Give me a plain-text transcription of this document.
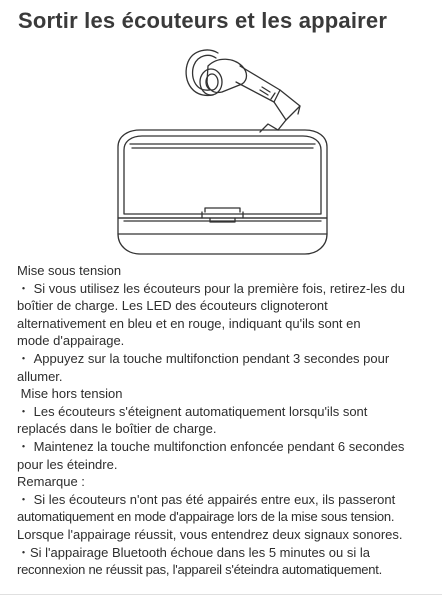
Sortir les écouteurs et les appairer

Mise sous tension

・ Si vous utilisez les écouteurs pour la première fois, retirez-les du

boîtier de charge. Les LED des écouteurs clignoteront

alternativement en bleu et en rouge, indiquant qu'ils sont en

mode d'appairage.

・ Appuyez sur la touche multifonction pendant 3 secondes pour

allumer.

Mise hors tension

・ Les écouteurs s'éteignent automatiquement lorsqu'ils sont

replacés dans le boîtier de charge.

・ Maintenez la touche multifonction enfoncée pendant 6 secondes

pour les éteindre.

Remarque :

・ Si les écouteurs n'ont pas été appairés entre eux, ils passeront

automatiquement en mode d'appairage lors de la mise sous tension.

Lorsque l'appairage réussit, vous entendrez deux signaux sonores.

・Si l'appairage Bluetooth échoue dans les 5 minutes ou si la

reconnexion ne réussit pas, l'appareil s'éteindra automatiquement.
